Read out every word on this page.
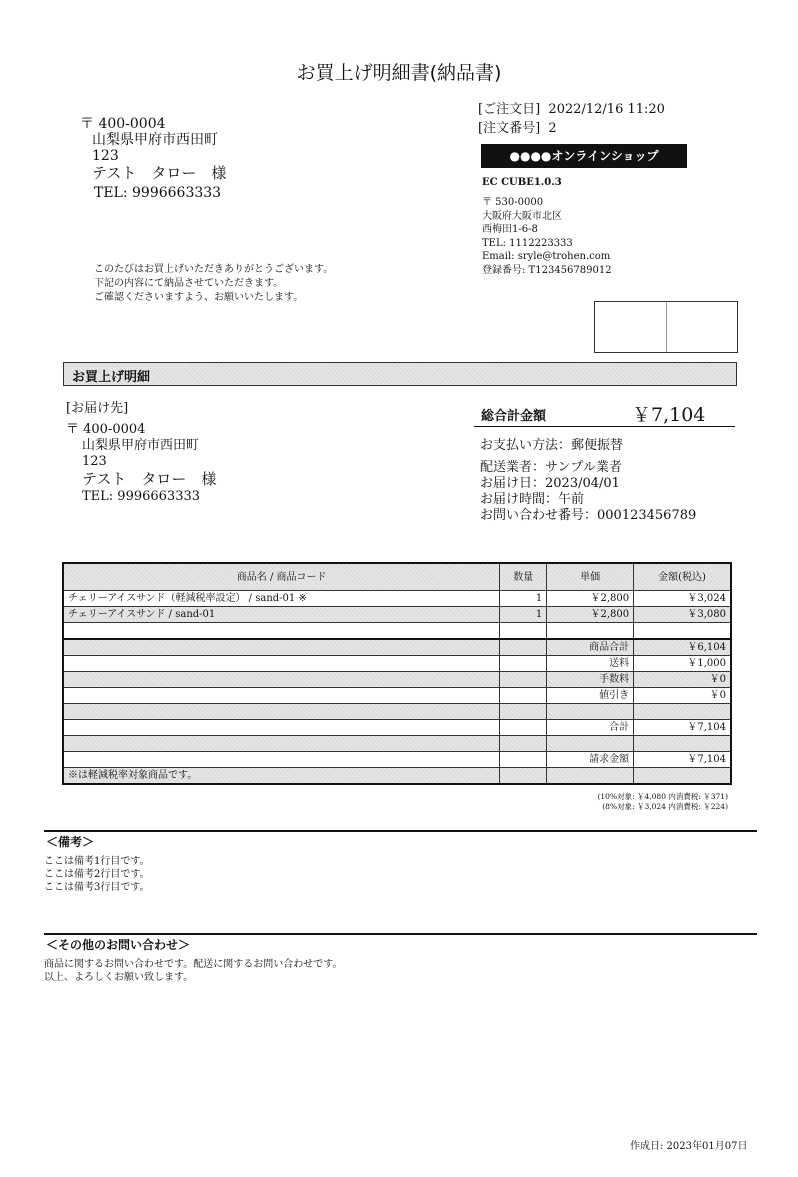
お買上げ明細書(納品書)
〒 400-0004
山梨県甲府市西田町
123
テスト　タロー　様
TEL: 9996663333
このたびはお買上げいただきありがとうございます。
下記の内容にて納品させていただきます。
ご確認くださいますよう、お願いいたします。
[ご注文日] 2022/12/16 11:20
[注文番号] 2
●●●●オンラインショップ
EC CUBE1.0.3
〒 530-0000
大阪府大阪市北区
西梅田1-6-8
TEL: 1112223333
Email: sryle@trohen.com
登録番号: T123456789012
お買上げ明細
[お届け先]
〒 400-0004
山梨県甲府市西田町
123
テスト　タロー　様
TEL: 9996663333
総合計金額	￥7,104
お支払い方法：郵便振替
配送業者：サンプル業者
お届け日：2023/04/01
お届け時間：午前
お問い合わせ番号：000123456789
商品名 / 商品コード	数量	単価	金額(税込)
チェリーアイスサンド（軽減税率設定） / sand-01 ※	1	￥2,800	￥3,024
チェリーアイスサンド / sand-01	1	￥2,800	￥3,080

		商品合計	￥6,104
		送料	￥1,000
		手数料	￥0
		値引き	￥0

		合計	￥7,104

		請求金額	￥7,104
※は軽減税率対象商品です。			
(10%対象: ￥4,080 内消費税: ￥371)
(8%対象: ￥3,024 内消費税: ￥224)
＜備考＞
ここは備考1行目です。
ここは備考2行目です。
ここは備考3行目です。
＜その他のお問い合わせ＞
商品に関するお問い合わせです。配送に関するお問い合わせです。
以上、よろしくお願い致します。
作成日: 2023年01月07日
